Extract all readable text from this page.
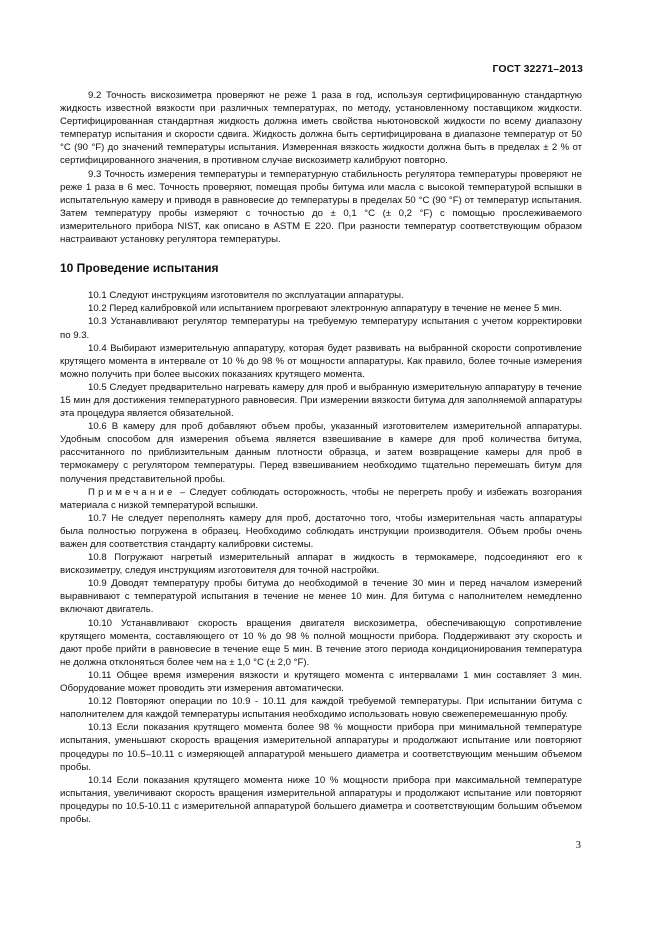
ГОСТ 32271–2013

9.2 Точность вискозиметра проверяют не реже 1 раза в год, используя сертифицированную стандартную жидкость известной вязкости при различных температурах, по методу, установленному поставщиком жидкости. Сертифицированная стандартная жидкость должна иметь свойства ньютоновской жидкости по всему диапазону температур испытания и скорости сдвига. Жидкость должна быть сертифицирована в диапазоне температур от 50 °С (90 °F) до значений температуры испытания. Измеренная вязкость жидкости должна быть в пределах ± 2 % от сертифицированного значения, в противном случае вискозиметр калибруют повторно.

9.3 Точность измерения температуры и температурную стабильность регулятора температуры проверяют не реже 1 раза в 6 мес. Точность проверяют, помещая пробы битума или масла с высокой температурой вспышки в испытательную камеру и приводя в равновесие до температуры в пределах 50 °С (90 °F) от температур испытания. Затем температуру пробы измеряют с точностью до ± 0,1 °С (± 0,2 °F) с помощью прослеживаемого измерительного прибора NIST, как описано в ASTM E 220. При разности температур соответствующим образом настраивают установку регулятора температуры.

10 Проведение испытания

10.1 Следуют инструкциям изготовителя по эксплуатации аппаратуры.

10.2 Перед калибровкой или испытанием прогревают электронную аппаратуру в течение не менее 5 мин.

10.3 Устанавливают регулятор температуры на требуемую температуру испытания с учетом корректировки по 9.3.

10.4 Выбирают измерительную аппаратуру, которая будет развивать на выбранной скорости сопротивление крутящего момента в интервале от 10 % до 98 % от мощности аппаратуры. Как правило, более точные измерения можно получить при более высоких показаниях крутящего момента.

10.5 Следует предварительно нагревать камеру для проб и выбранную измерительную аппаратуру в течение 15 мин для достижения температурного равновесия. При измерении вязкости битума для заполняемой аппаратуры эта процедура является обязательной.

10.6 В камеру для проб добавляют объем пробы, указанный изготовителем измерительной аппаратуры. Удобным способом для измерения объема является взвешивание в камере для проб количества битума, рассчитанного по приблизительным данным плотности образца, и затем возвращение камеры для проб в термокамеру с регулятором температуры. Перед взвешиванием необходимо тщательно перемешать битум для получения представительной пробы.

Примечание – Следует соблюдать осторожность, чтобы не перегреть пробу и избежать возгорания материала с низкой температурой вспышки.

10.7 Не следует переполнять камеру для проб, достаточно того, чтобы измерительная часть аппаратуры была полностью погружена в образец. Необходимо соблюдать инструкции производителя. Объем пробы очень важен для соответствия стандарту калибровки системы.

10.8 Погружают нагретый измерительный аппарат в жидкость в термокамере, подсоединяют его к вискозиметру, следуя инструкциям изготовителя для точной настройки.

10.9 Доводят температуру пробы битума до необходимой в течение 30 мин и перед началом измерений выравнивают с температурой испытания в течение не менее 10 мин. Для битума с наполнителем немедленно включают двигатель.

10.10 Устанавливают скорость вращения двигателя вискозиметра, обеспечивающую сопротивление крутящего момента, составляющего от 10 % до 98 % полной мощности прибора. Поддерживают эту скорость и дают пробе прийти в равновесие в течение еще 5 мин. В течение этого периода кондиционирования температура не должна отклоняться более чем на ± 1,0 °С (± 2,0 °F).

10.11 Общее время измерения вязкости и крутящего момента с интервалами 1 мин составляет 3 мин. Оборудование может проводить эти измерения автоматически.

10.12 Повторяют операции по 10.9 - 10.11 для каждой требуемой температуры. При испытании битума с наполнителем для каждой температуры испытания необходимо использовать новую свежеперемешанную пробу.

10.13 Если показания крутящего момента более 98 % мощности прибора при минимальной температуре испытания, уменьшают скорость вращения измерительной аппаратуры и продолжают испытание или повторяют процедуры по 10.5–10.11 с измеряющей аппаратурой меньшего диаметра и соответствующим меньшим объемом пробы.

10.14 Если показания крутящего момента ниже 10 % мощности прибора при максимальной температуре испытания, увеличивают скорость вращения измерительной аппаратуры и продолжают испытание или повторяют процедуры по 10.5-10.11 с измерительной аппаратурой большего диаметра и соответствующим большим объемом пробы.

3
